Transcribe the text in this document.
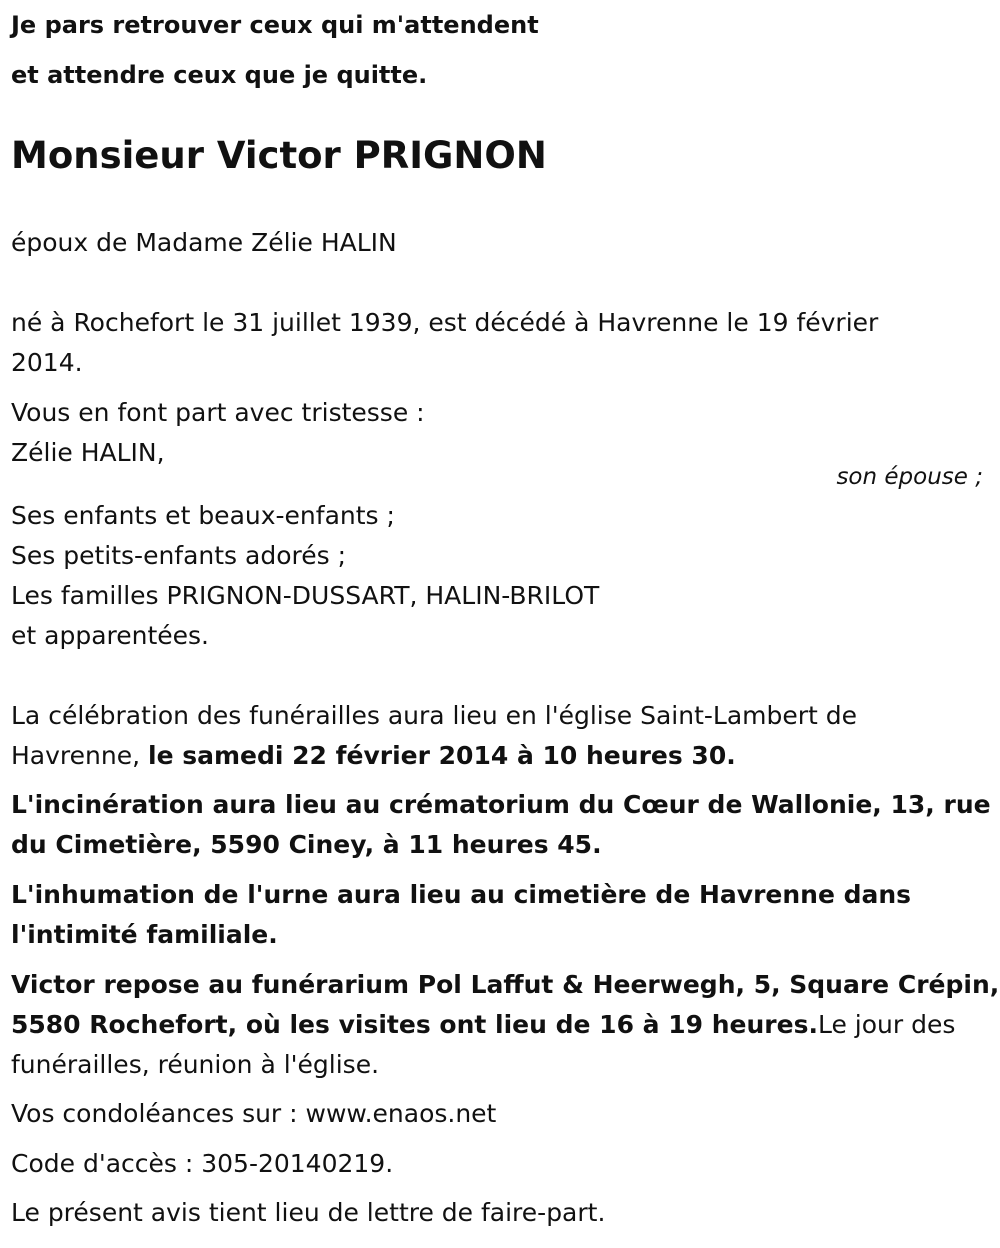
Je pars retrouver ceux qui m'attendent
et attendre ceux que je quitte.
Monsieur Victor PRIGNON
époux de Madame Zélie HALIN
né à Rochefort le 31 juillet 1939, est décédé à Havrenne le 19 février
2014.
Vous en font part avec tristesse :
Zélie HALIN,
son épouse ;
Ses enfants et beaux-enfants ;
Ses petits-enfants adorés ;
Les familles PRIGNON-DUSSART, HALIN-BRILOT
et apparentées.
La célébration des funérailles aura lieu en l'église Saint-Lambert de
Havrenne, le samedi 22 février 2014 à 10 heures 30.
L'incinération aura lieu au crématorium du Cœur de Wallonie, 13, rue
du Cimetière, 5590 Ciney, à 11 heures 45.
L'inhumation de l'urne aura lieu au cimetière de Havrenne dans
l'intimité familiale.
Victor repose au funérarium Pol Laffut & Heerwegh, 5, Square Crépin,
5580 Rochefort, où les visites ont lieu de 16 à 19 heures.Le jour des
funérailles, réunion à l'église.
Vos condoléances sur : www.enaos.net
Code d'accès : 305-20140219.
Le présent avis tient lieu de lettre de faire-part.
